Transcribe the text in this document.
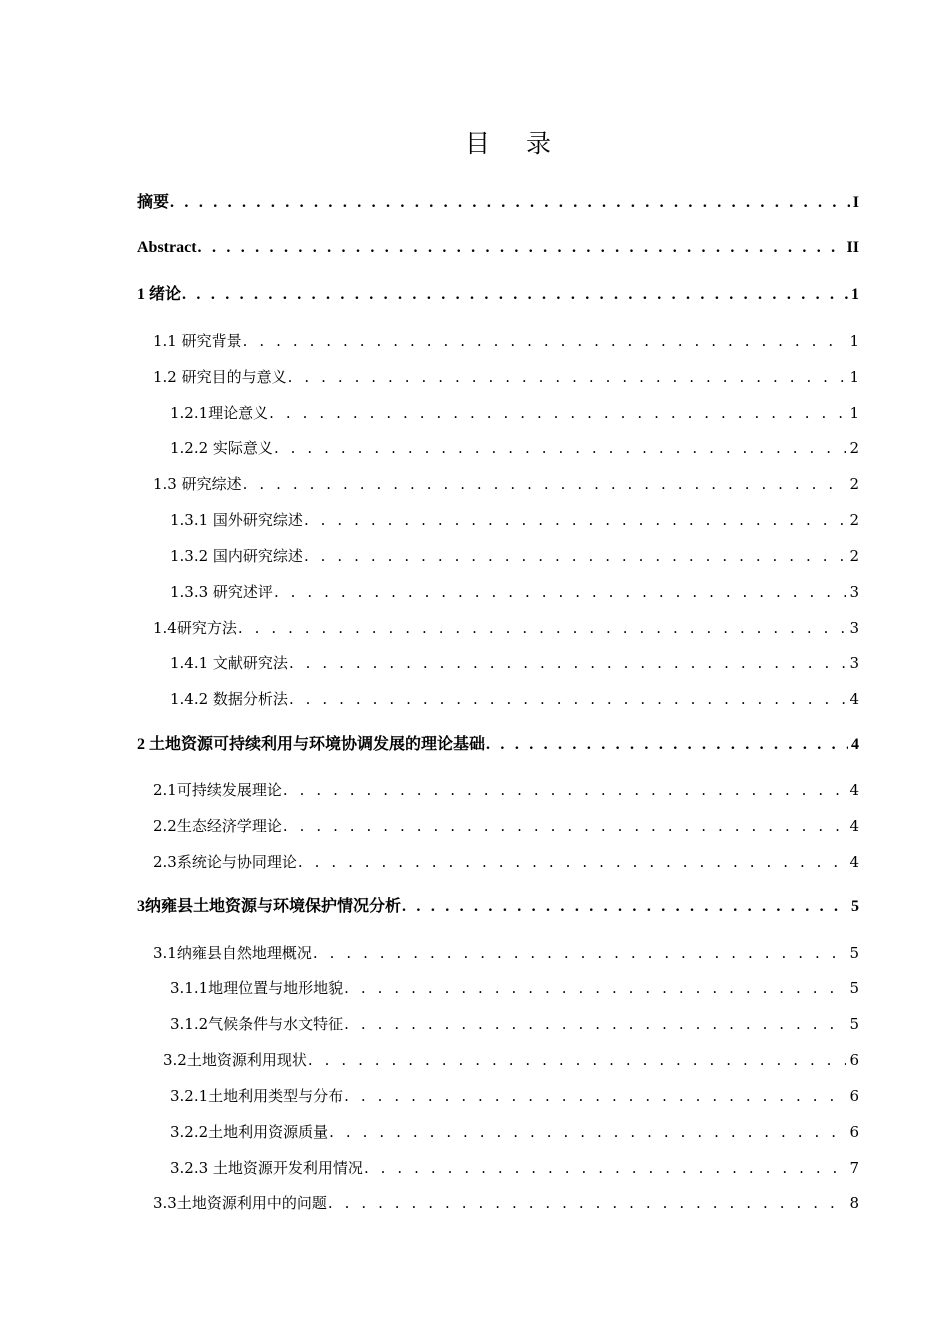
目 录
摘要 . . .	I
Abstract . . .	II
1 绪论 . . .	1
1.1 研究背景 . . .	1
1.2 研究目的与意义 . . .	1
1.2.1理论意义 . . .	1
1.2.2 实际意义 . . .	2
1.3 研究综述 . . .	2
1.3.1 国外研究综述 . . .	2
1.3.2 国内研究综述 . . .	2
1.3.3 研究述评 . . .	3
1.4研究方法 . . .	3
1.4.1 文献研究法 . . .	3
1.4.2 数据分析法 . . .	4
2 土地资源可持续利用与环境协调发展的理论基础 . . .	4
2.1可持续发展理论 . . .	4
2.2生态经济学理论 . . .	4
2.3系统论与协同理论 . . .	4
3纳雍县土地资源与环境保护情况分析 . . .	5
3.1纳雍县自然地理概况 . . .	5
3.1.1地理位置与地形地貌 . . .	5
3.1.2气候条件与水文特征 . . .	5
3.2土地资源利用现状 . . .	6
3.2.1土地利用类型与分布 . . .	6
3.2.2土地利用资源质量 . . .	6
3.2.3 土地资源开发利用情况 . . .	7
3.3土地资源利用中的问题 . . .	8
